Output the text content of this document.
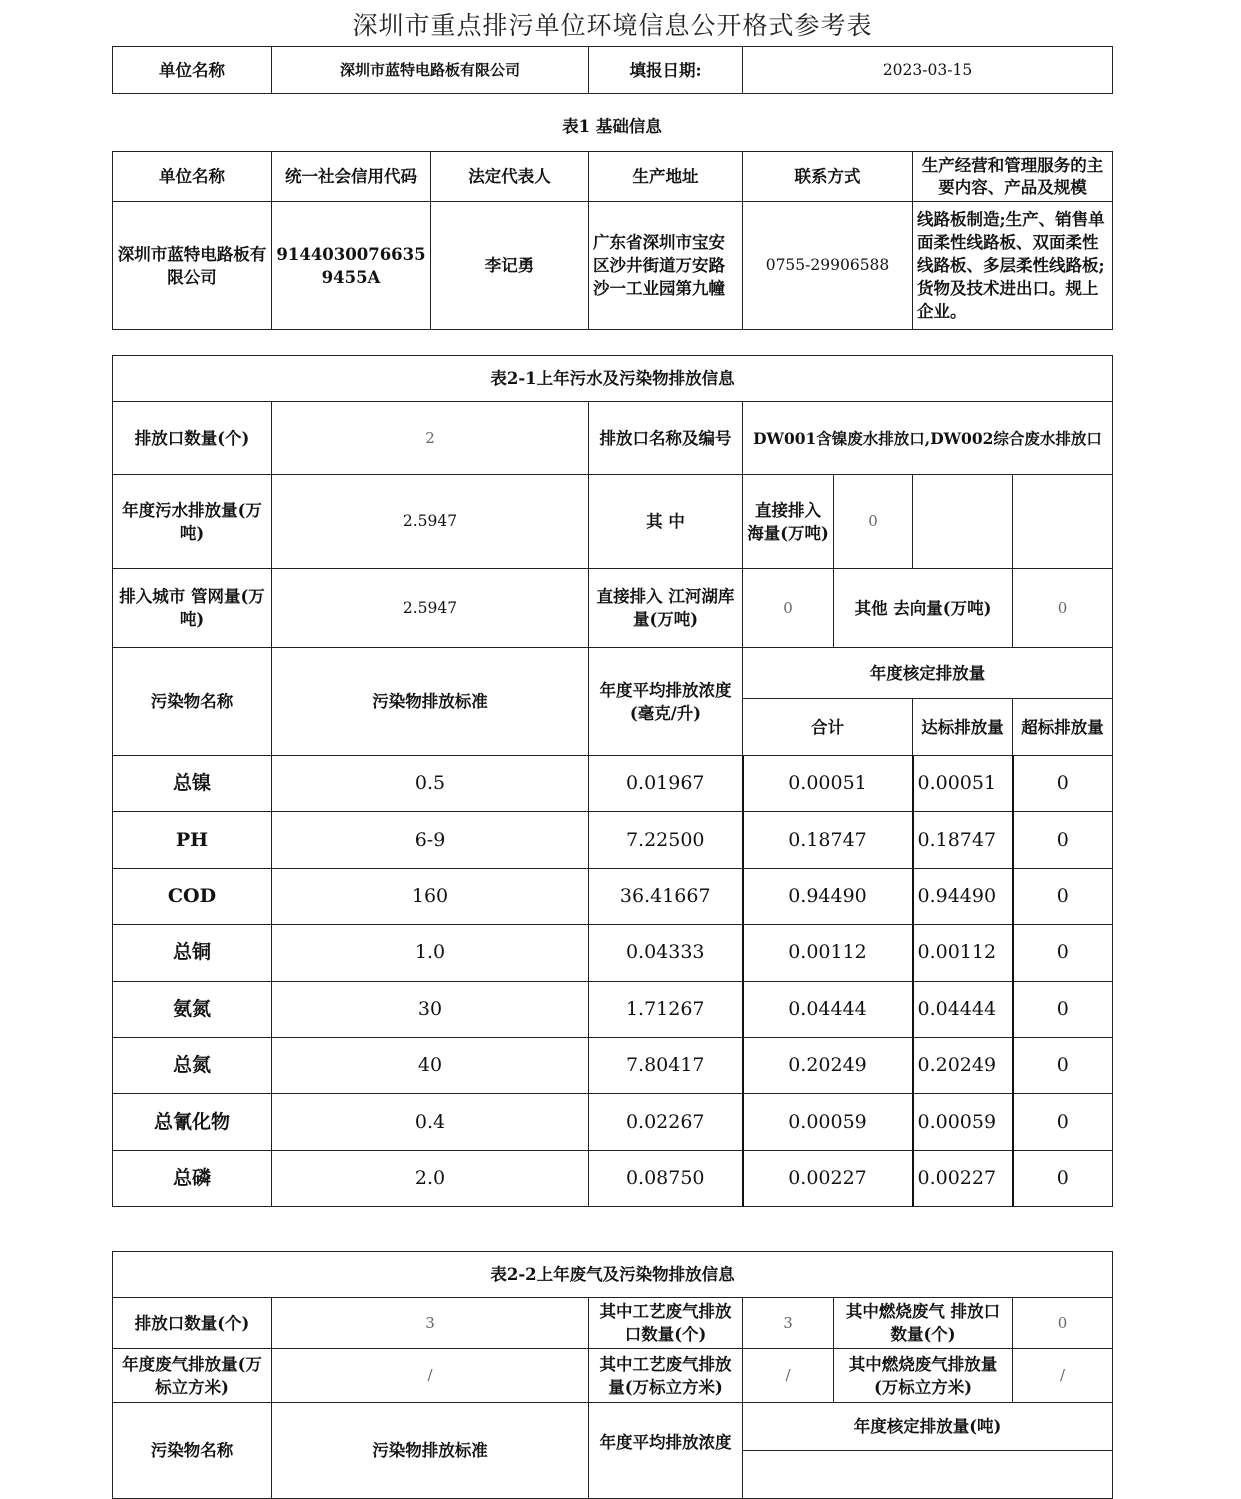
深圳市重点排污单位环境信息公开格式参考表
单位名称	深圳市蓝特电路板有限公司	填报日期:	2023-03-15
表1 基础信息
单位名称	统一社会信用代码	法定代表人	生产地址	联系方式	生产经营和管理服务的主要内容、产品及规模
深圳市蓝特电路板有限公司	91440300766359455A	李记勇	广东省深圳市宝安区沙井街道万安路沙一工业园第九幢	0755-29906588	线路板制造;生产、销售单面柔性线路板、双面柔性线路板、多层柔性线路板;货物及技术进出口。规上企业。
表2-1上年污水及污染物排放信息						
排放口数量(个)	2	排放口名称及编号	DW001含镍废水排放口,DW002综合废水排放口			
年度污水排放量(万吨)	2.5947	其 中	直接排入海量(万吨)	0		
排入城市 管网量(万吨)	2.5947	直接排入 江河湖库量(万吨)	0	其他 去向量(万吨)		0
污染物名称	污染物排放标准	年度平均排放浓度(毫克/升)	年度核定排放量			
			合计		达标排放量	超标排放量
总镍	0.5	0.01967	0.00051		0.00051	0
PH	6-9	7.22500	0.18747		0.18747	0
COD	160	36.41667	0.94490		0.94490	0
总铜	1.0	0.04333	0.00112		0.00112	0
氨氮	30	1.71267	0.04444		0.04444	0
总氮	40	7.80417	0.20249		0.20249	0
总氰化物	0.4	0.02267	0.00059		0.00059	0
总磷	2.0	0.08750	0.00227		0.00227	0
表2-2上年废气及污染物排放信息					
排放口数量(个)	3	其中工艺废气排放口数量(个)	3	其中燃烧废气 排放口数量(个)	0
年度废气排放量(万标立方米)	/	其中工艺废气排放量(万标立方米)	/	其中燃烧废气排放量(万标立方米)	/
污染物名称	污染物排放标准	年度平均排放浓度	年度核定排放量(吨)		
